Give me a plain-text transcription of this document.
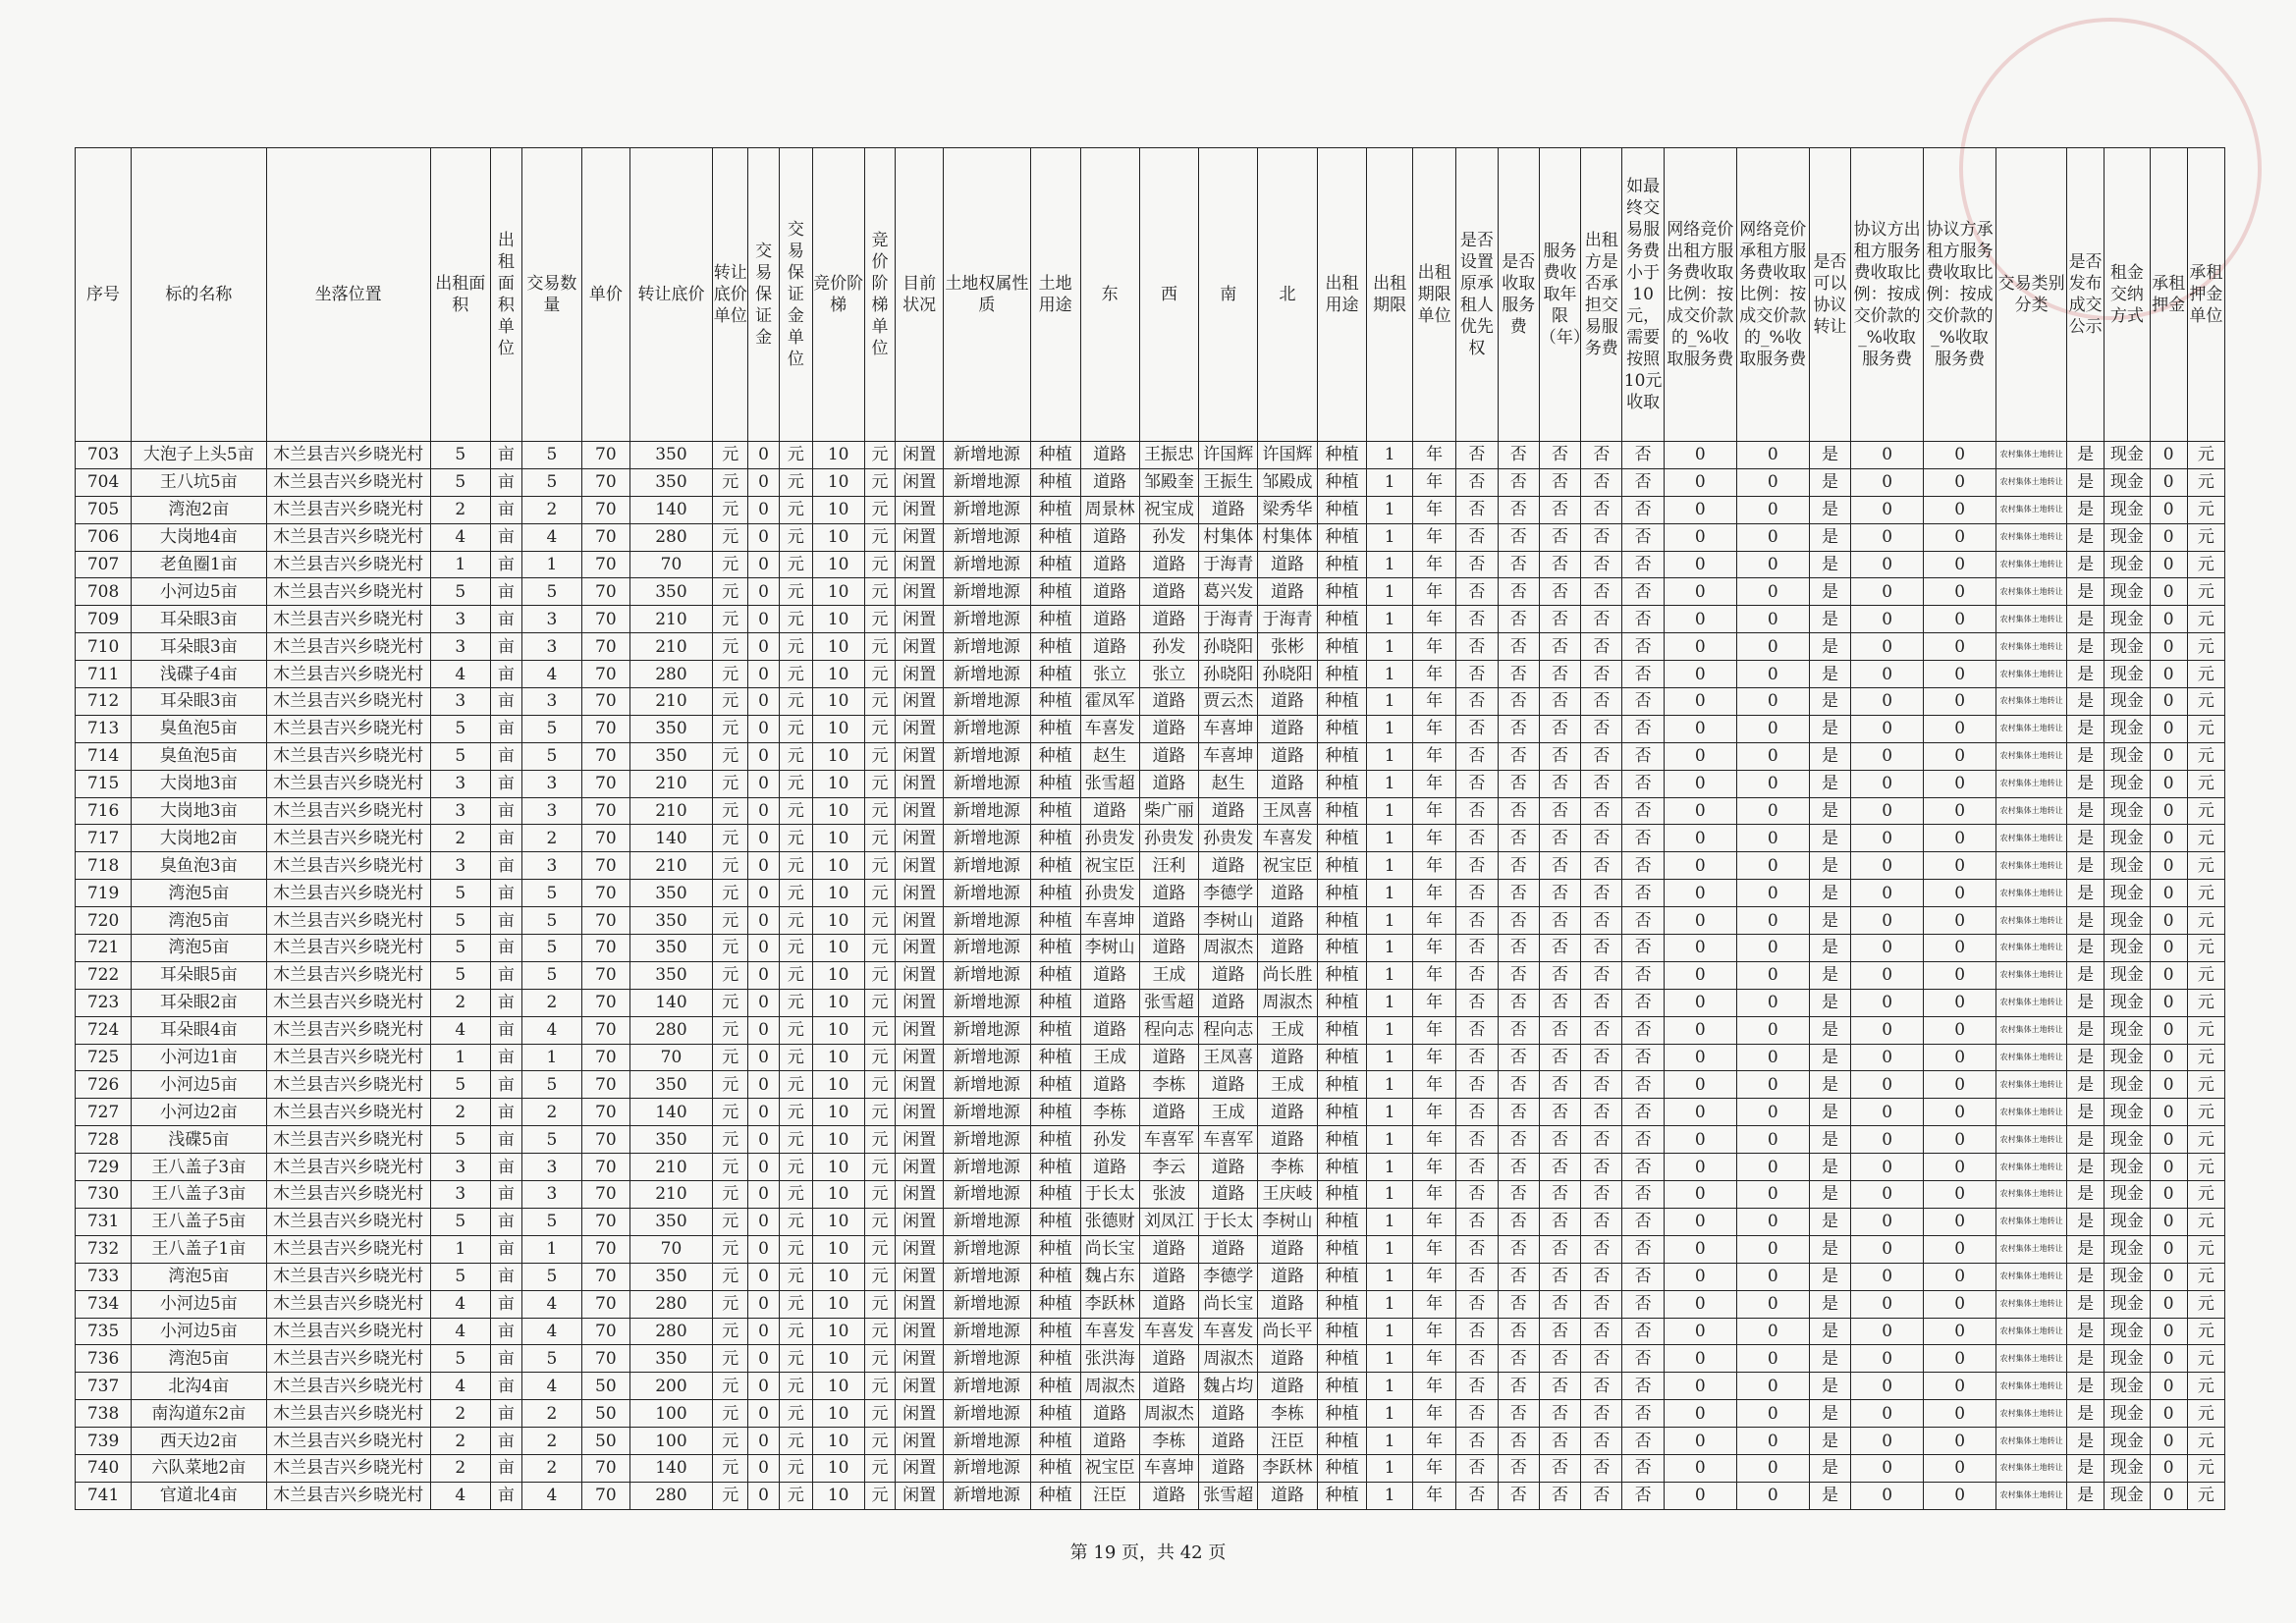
序号	标的名称	坐落位置	出租面积	出租面积单位	交易数量	单价	转让底价	转让底价单位	交易保证金	交易保证金单位	竞价阶梯	竞价阶梯单位	目前状况	土地权属性质	土地用途	东	西	南	北	出租用途	出租期限	出租期限单位	是否设置原承租人优先权	是否收取服务费	服务费收取年限（年）	出租方是否承担交易服务费	如最终交易服务费小于10元，需要按照10元收取	网络竞价出租方服务费收取比例：按成交价款的_%收取服务费	网络竞价承租方服务费收取比例：按成交价款的_%收取服务费	是否可以协议转让	协议方出租方服务费收取比例：按成交价款的_%收取服务费	协议方承租方服务费收取比例：按成交价款的_%收取服务费	交易类别分类	是否发布成交公示	租金交纳方式	承租押金	承租押金单位
703	大泡子上头5亩	木兰县吉兴乡晓光村	5	亩	5	70	350	元	0	元	10	元	闲置	新增地源	种植	道路	王振忠	许国辉	许国辉	种植	1	年	否	否	否	否	否	0	0	是	0	0	农村集体土地转让	是	现金	0	元
704	王八坑5亩	木兰县吉兴乡晓光村	5	亩	5	70	350	元	0	元	10	元	闲置	新增地源	种植	道路	邹殿奎	王振生	邹殿成	种植	1	年	否	否	否	否	否	0	0	是	0	0	农村集体土地转让	是	现金	0	元
705	湾泡2亩	木兰县吉兴乡晓光村	2	亩	2	70	140	元	0	元	10	元	闲置	新增地源	种植	周景林	祝宝成	道路	梁秀华	种植	1	年	否	否	否	否	否	0	0	是	0	0	农村集体土地转让	是	现金	0	元
706	大岗地4亩	木兰县吉兴乡晓光村	4	亩	4	70	280	元	0	元	10	元	闲置	新增地源	种植	道路	孙发	村集体	村集体	种植	1	年	否	否	否	否	否	0	0	是	0	0	农村集体土地转让	是	现金	0	元
707	老鱼圈1亩	木兰县吉兴乡晓光村	1	亩	1	70	70	元	0	元	10	元	闲置	新增地源	种植	道路	道路	于海青	道路	种植	1	年	否	否	否	否	否	0	0	是	0	0	农村集体土地转让	是	现金	0	元
708	小河边5亩	木兰县吉兴乡晓光村	5	亩	5	70	350	元	0	元	10	元	闲置	新增地源	种植	道路	道路	葛兴发	道路	种植	1	年	否	否	否	否	否	0	0	是	0	0	农村集体土地转让	是	现金	0	元
709	耳朵眼3亩	木兰县吉兴乡晓光村	3	亩	3	70	210	元	0	元	10	元	闲置	新增地源	种植	道路	道路	于海青	于海青	种植	1	年	否	否	否	否	否	0	0	是	0	0	农村集体土地转让	是	现金	0	元
710	耳朵眼3亩	木兰县吉兴乡晓光村	3	亩	3	70	210	元	0	元	10	元	闲置	新增地源	种植	道路	孙发	孙晓阳	张彬	种植	1	年	否	否	否	否	否	0	0	是	0	0	农村集体土地转让	是	现金	0	元
711	浅碟子4亩	木兰县吉兴乡晓光村	4	亩	4	70	280	元	0	元	10	元	闲置	新增地源	种植	张立	张立	孙晓阳	孙晓阳	种植	1	年	否	否	否	否	否	0	0	是	0	0	农村集体土地转让	是	现金	0	元
712	耳朵眼3亩	木兰县吉兴乡晓光村	3	亩	3	70	210	元	0	元	10	元	闲置	新增地源	种植	霍凤军	道路	贾云杰	道路	种植	1	年	否	否	否	否	否	0	0	是	0	0	农村集体土地转让	是	现金	0	元
713	臭鱼泡5亩	木兰县吉兴乡晓光村	5	亩	5	70	350	元	0	元	10	元	闲置	新增地源	种植	车喜发	道路	车喜坤	道路	种植	1	年	否	否	否	否	否	0	0	是	0	0	农村集体土地转让	是	现金	0	元
714	臭鱼泡5亩	木兰县吉兴乡晓光村	5	亩	5	70	350	元	0	元	10	元	闲置	新增地源	种植	赵生	道路	车喜坤	道路	种植	1	年	否	否	否	否	否	0	0	是	0	0	农村集体土地转让	是	现金	0	元
715	大岗地3亩	木兰县吉兴乡晓光村	3	亩	3	70	210	元	0	元	10	元	闲置	新增地源	种植	张雪超	道路	赵生	道路	种植	1	年	否	否	否	否	否	0	0	是	0	0	农村集体土地转让	是	现金	0	元
716	大岗地3亩	木兰县吉兴乡晓光村	3	亩	3	70	210	元	0	元	10	元	闲置	新增地源	种植	道路	柴广丽	道路	王凤喜	种植	1	年	否	否	否	否	否	0	0	是	0	0	农村集体土地转让	是	现金	0	元
717	大岗地2亩	木兰县吉兴乡晓光村	2	亩	2	70	140	元	0	元	10	元	闲置	新增地源	种植	孙贵发	孙贵发	孙贵发	车喜发	种植	1	年	否	否	否	否	否	0	0	是	0	0	农村集体土地转让	是	现金	0	元
718	臭鱼泡3亩	木兰县吉兴乡晓光村	3	亩	3	70	210	元	0	元	10	元	闲置	新增地源	种植	祝宝臣	汪利	道路	祝宝臣	种植	1	年	否	否	否	否	否	0	0	是	0	0	农村集体土地转让	是	现金	0	元
719	湾泡5亩	木兰县吉兴乡晓光村	5	亩	5	70	350	元	0	元	10	元	闲置	新增地源	种植	孙贵发	道路	李德学	道路	种植	1	年	否	否	否	否	否	0	0	是	0	0	农村集体土地转让	是	现金	0	元
720	湾泡5亩	木兰县吉兴乡晓光村	5	亩	5	70	350	元	0	元	10	元	闲置	新增地源	种植	车喜坤	道路	李树山	道路	种植	1	年	否	否	否	否	否	0	0	是	0	0	农村集体土地转让	是	现金	0	元
721	湾泡5亩	木兰县吉兴乡晓光村	5	亩	5	70	350	元	0	元	10	元	闲置	新增地源	种植	李树山	道路	周淑杰	道路	种植	1	年	否	否	否	否	否	0	0	是	0	0	农村集体土地转让	是	现金	0	元
722	耳朵眼5亩	木兰县吉兴乡晓光村	5	亩	5	70	350	元	0	元	10	元	闲置	新增地源	种植	道路	王成	道路	尚长胜	种植	1	年	否	否	否	否	否	0	0	是	0	0	农村集体土地转让	是	现金	0	元
723	耳朵眼2亩	木兰县吉兴乡晓光村	2	亩	2	70	140	元	0	元	10	元	闲置	新增地源	种植	道路	张雪超	道路	周淑杰	种植	1	年	否	否	否	否	否	0	0	是	0	0	农村集体土地转让	是	现金	0	元
724	耳朵眼4亩	木兰县吉兴乡晓光村	4	亩	4	70	280	元	0	元	10	元	闲置	新增地源	种植	道路	程向志	程向志	王成	种植	1	年	否	否	否	否	否	0	0	是	0	0	农村集体土地转让	是	现金	0	元
725	小河边1亩	木兰县吉兴乡晓光村	1	亩	1	70	70	元	0	元	10	元	闲置	新增地源	种植	王成	道路	王凤喜	道路	种植	1	年	否	否	否	否	否	0	0	是	0	0	农村集体土地转让	是	现金	0	元
726	小河边5亩	木兰县吉兴乡晓光村	5	亩	5	70	350	元	0	元	10	元	闲置	新增地源	种植	道路	李栋	道路	王成	种植	1	年	否	否	否	否	否	0	0	是	0	0	农村集体土地转让	是	现金	0	元
727	小河边2亩	木兰县吉兴乡晓光村	2	亩	2	70	140	元	0	元	10	元	闲置	新增地源	种植	李栋	道路	王成	道路	种植	1	年	否	否	否	否	否	0	0	是	0	0	农村集体土地转让	是	现金	0	元
728	浅碟5亩	木兰县吉兴乡晓光村	5	亩	5	70	350	元	0	元	10	元	闲置	新增地源	种植	孙发	车喜军	车喜军	道路	种植	1	年	否	否	否	否	否	0	0	是	0	0	农村集体土地转让	是	现金	0	元
729	王八盖子3亩	木兰县吉兴乡晓光村	3	亩	3	70	210	元	0	元	10	元	闲置	新增地源	种植	道路	李云	道路	李栋	种植	1	年	否	否	否	否	否	0	0	是	0	0	农村集体土地转让	是	现金	0	元
730	王八盖子3亩	木兰县吉兴乡晓光村	3	亩	3	70	210	元	0	元	10	元	闲置	新增地源	种植	于长太	张波	道路	王庆岐	种植	1	年	否	否	否	否	否	0	0	是	0	0	农村集体土地转让	是	现金	0	元
731	王八盖子5亩	木兰县吉兴乡晓光村	5	亩	5	70	350	元	0	元	10	元	闲置	新增地源	种植	张德财	刘凤江	于长太	李树山	种植	1	年	否	否	否	否	否	0	0	是	0	0	农村集体土地转让	是	现金	0	元
732	王八盖子1亩	木兰县吉兴乡晓光村	1	亩	1	70	70	元	0	元	10	元	闲置	新增地源	种植	尚长宝	道路	道路	道路	种植	1	年	否	否	否	否	否	0	0	是	0	0	农村集体土地转让	是	现金	0	元
733	湾泡5亩	木兰县吉兴乡晓光村	5	亩	5	70	350	元	0	元	10	元	闲置	新增地源	种植	魏占东	道路	李德学	道路	种植	1	年	否	否	否	否	否	0	0	是	0	0	农村集体土地转让	是	现金	0	元
734	小河边5亩	木兰县吉兴乡晓光村	4	亩	4	70	280	元	0	元	10	元	闲置	新增地源	种植	李跃林	道路	尚长宝	道路	种植	1	年	否	否	否	否	否	0	0	是	0	0	农村集体土地转让	是	现金	0	元
735	小河边5亩	木兰县吉兴乡晓光村	4	亩	4	70	280	元	0	元	10	元	闲置	新增地源	种植	车喜发	车喜发	车喜发	尚长平	种植	1	年	否	否	否	否	否	0	0	是	0	0	农村集体土地转让	是	现金	0	元
736	湾泡5亩	木兰县吉兴乡晓光村	5	亩	5	70	350	元	0	元	10	元	闲置	新增地源	种植	张洪海	道路	周淑杰	道路	种植	1	年	否	否	否	否	否	0	0	是	0	0	农村集体土地转让	是	现金	0	元
737	北沟4亩	木兰县吉兴乡晓光村	4	亩	4	50	200	元	0	元	10	元	闲置	新增地源	种植	周淑杰	道路	魏占均	道路	种植	1	年	否	否	否	否	否	0	0	是	0	0	农村集体土地转让	是	现金	0	元
738	南沟道东2亩	木兰县吉兴乡晓光村	2	亩	2	50	100	元	0	元	10	元	闲置	新增地源	种植	道路	周淑杰	道路	李栋	种植	1	年	否	否	否	否	否	0	0	是	0	0	农村集体土地转让	是	现金	0	元
739	西天边2亩	木兰县吉兴乡晓光村	2	亩	2	50	100	元	0	元	10	元	闲置	新增地源	种植	道路	李栋	道路	汪臣	种植	1	年	否	否	否	否	否	0	0	是	0	0	农村集体土地转让	是	现金	0	元
740	六队菜地2亩	木兰县吉兴乡晓光村	2	亩	2	70	140	元	0	元	10	元	闲置	新增地源	种植	祝宝臣	车喜坤	道路	李跃林	种植	1	年	否	否	否	否	否	0	0	是	0	0	农村集体土地转让	是	现金	0	元
741	官道北4亩	木兰县吉兴乡晓光村	4	亩	4	70	280	元	0	元	10	元	闲置	新增地源	种植	汪臣	道路	张雪超	道路	种植	1	年	否	否	否	否	否	0	0	是	0	0	农村集体土地转让	是	现金	0	元
第 19 页，共 42 页
